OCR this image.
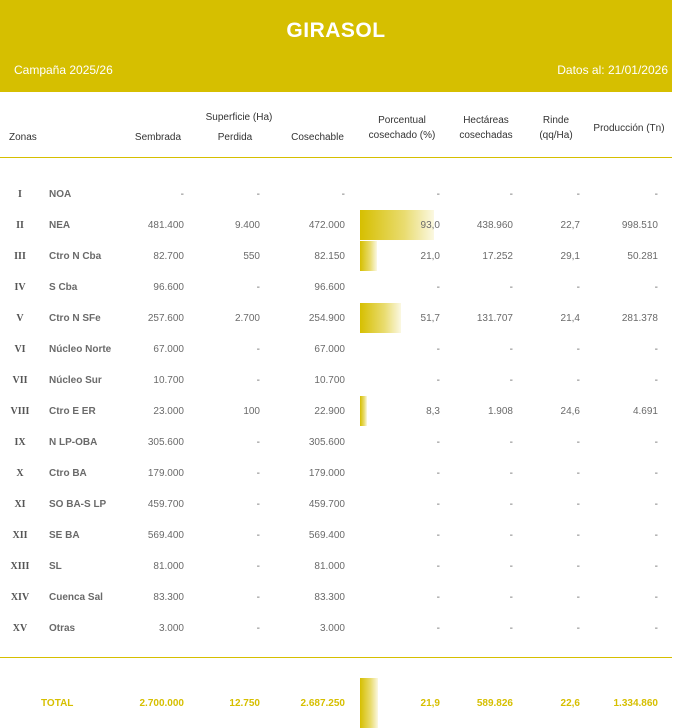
GIRASOL
Campaña 2025/26	Datos al: 21/01/2026
Zonas
Superficie (Ha)
Sembrada	Perdida	Cosechable
Porcentual
cosechado (%)
Hectáreas
cosechadas
Rinde
(qq/Ha)
Producción (Tn)
I	NOA	-	-	-	-	-	-	-
II	NEA	481.400	9.400	472.000	93,0	438.960	22,7	998.510
III	Ctro N Cba	82.700	550	82.150	21,0	17.252	29,1	50.281
IV	S Cba	96.600	-	96.600	-	-	-	-
V	Ctro N SFe	257.600	2.700	254.900	51,7	131.707	21,4	281.378
VI	Núcleo Norte	67.000	-	67.000	-	-	-	-
VII	Núcleo Sur	10.700	-	10.700	-	-	-	-
VIII	Ctro E ER	23.000	100	22.900	8,3	1.908	24,6	4.691
IX	N LP-OBA	305.600	-	305.600	-	-	-	-
X	Ctro BA	179.000	-	179.000	-	-	-	-
XI	SO BA-S LP	459.700	-	459.700	-	-	-	-
XII	SE BA	569.400	-	569.400	-	-	-	-
XIII	SL	81.000	-	81.000	-	-	-	-
XIV	Cuenca Sal	83.300	-	83.300	-	-	-	-
XV	Otras	3.000	-	3.000	-	-	-	-
TOTAL	2.700.000	12.750	2.687.250	21,9	589.826	22,6	1.334.860
